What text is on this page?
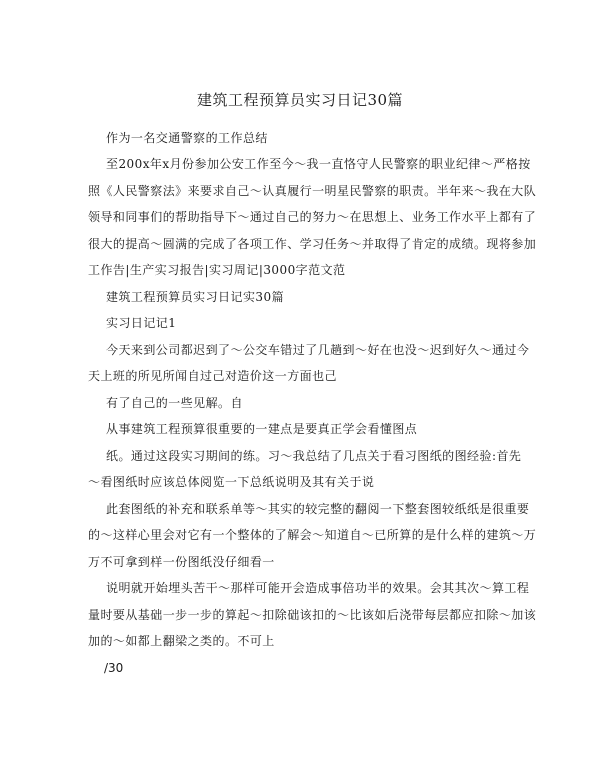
建筑工程预算员实习日记30篇
作为一名交通警察的工作总结
至200x年x月份参加公安工作至今～我一直恪守人民警察的职业纪律～严格按
照《人民警察法》来要求自己～认真履行一明星民警察的职责。半年来～我在大队
领导和同事们的帮助指导下～通过自己的努力～在思想上、业务工作水平上都有了
很大的提高～圆满的完成了各项工作、学习任务～并取得了肯定的成绩。现将参加
工作告|生产实习报告|实习周记|3000字范文范
建筑工程预算员实习日记实30篇
实习日记记1
今天来到公司都迟到了～公交车错过了几趟到～好在也没～迟到好久～通过今
天上班的所见所闻自过己对造价这一方面也己
有了自己的一些见解。自
从事建筑工程预算很重要的一建点是要真正学会看懂图点
纸。通过这段实习期间的练。习～我总结了几点关于看习图纸的图经验:首先
～看图纸时应该总体阅览一下总纸说明及其有关于说
此套图纸的补充和联系单等～其实的较完整的翻阅一下整套图较纸纸是很重要
的～这样心里会对它有一个整体的了解会～知道自～已所算的是什么样的建筑～万
万不可拿到样一份图纸没仔细看一
说明就开始埋头苦干～那样可能开会造成事倍功半的效果。会其其次～算工程
量时要从基础一步一步的算起～扣除础该扣的～比该如后浇带每层都应扣除～加该
加的～如都上翻梁之类的。不可上
/30
